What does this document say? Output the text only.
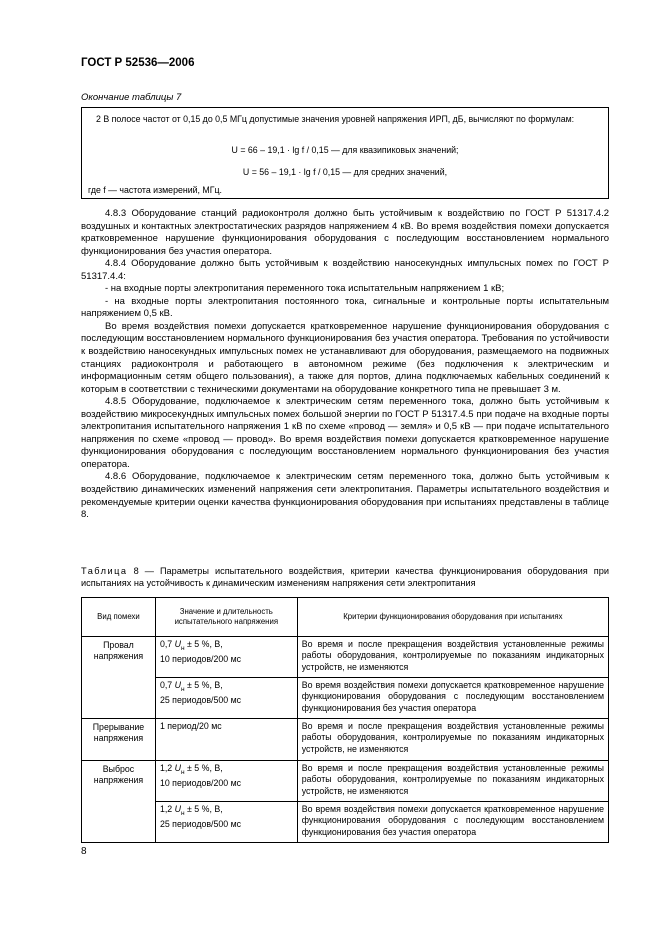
ГОСТ Р 52536—2006
Окончание таблицы 7
2 В полосе частот от 0,15 до 0,5 МГц допустимые значения уровней напряжения ИРП, дБ, вычисляют по формулам:
U = 66 – 19,1 · lg f / 0,15 — для квазипиковых значений;
U = 56 – 19,1 · lg f / 0,15 — для средних значений,
где f — частота измерений, МГц.

4.8.3 Оборудование станций радиоконтроля должно быть устойчивым к воздействию по ГОСТ Р 51317.4.2 воздушных и контактных электростатических разрядов напряжением 4 кВ. Во время воздействия помехи допускается кратковременное нарушение функционирования оборудования с последующим восстановлением нормального функционирования без участия оператора.

4.8.4 Оборудование должно быть устойчивым к воздействию наносекундных импульсных помех по ГОСТ Р 51317.4.4:

- на входные порты электропитания переменного тока испытательным напряжением 1 кВ;

- на входные порты электропитания постоянного тока, сигнальные и контрольные порты испытательным напряжением 0,5 кВ.

Во время воздействия помехи допускается кратковременное нарушение функционирования оборудования с последующим восстановлением нормального функционирования без участия оператора. Требования по устойчивости к воздействию наносекундных импульсных помех не устанавливают для оборудования, размещаемого на подвижных станциях радиоконтроля и работающего в автономном режиме (без подключения к электрическим и информационным сетям общего пользования), а также для портов, длина подключаемых кабельных соединений к которым в соответствии с техническими документами на оборудование конкретного типа не превышает 3 м.

4.8.5 Оборудование, подключаемое к электрическим сетям переменного тока, должно быть устойчивым к воздействию микросекундных импульсных помех большой энергии по ГОСТ Р 51317.4.5 при подаче на входные порты электропитания испытательного напряжения 1 кВ по схеме «провод — земля» и 0,5 кВ — при подаче испытательного напряжения по схеме «провод — провод». Во время воздействия помехи допускается кратковременное нарушение функционирования оборудования с последующим восстановлением нормального функционирования без участия оператора.

4.8.6 Оборудование, подключаемое к электрическим сетям переменного тока, должно быть устойчивым к воздействию динамических изменений напряжения сети электропитания. Параметры испытательного воздействия и рекомендуемые критерии оценки качества функционирования оборудования при испытаниях представлены в таблице 8.

Таблица 8 — Параметры испытательного воздействия, критерии качества функционирования оборудования при испытаниях на устойчивость к динамическим изменениям напряжения сети электропитания
Вид помехи	Значение и длительность испытательного напряжения	Критерии функционирования оборудования при испытаниях
Провал напряжения	0,7 $U_н \pm 5$ %, В,
10 периодов/200 мс	Во время и после прекращения воздействия установленные режимы работы оборудования, контролируемые по показаниям индикаторных устройств, не изменяются
	0,7 $U_н \pm 5$ %, В,
25 периодов/500 мс	Во время воздействия помехи допускается кратковременное нарушение функционирования оборудования с последующим восстановлением функционирования без участия оператора
Прерывание напряжения	1 период/20 мс	Во время и после прекращения воздействия установленные режимы работы оборудования, контролируемые по показаниям индикаторных устройств, не изменяются
Выброс напряжения	1,2 $U_н \pm 5$ %, В,
10 периодов/200 мс	Во время и после прекращения воздействия установленные режимы работы оборудования, контролируемые по показаниям индикаторных устройств, не изменяются
	1,2 $U_н \pm 5$ %, В,
25 периодов/500 мс	Во время воздействия помехи допускается кратковременное нарушение функционирования оборудования с последующим восстановлением функционирования без участия оператора
8
